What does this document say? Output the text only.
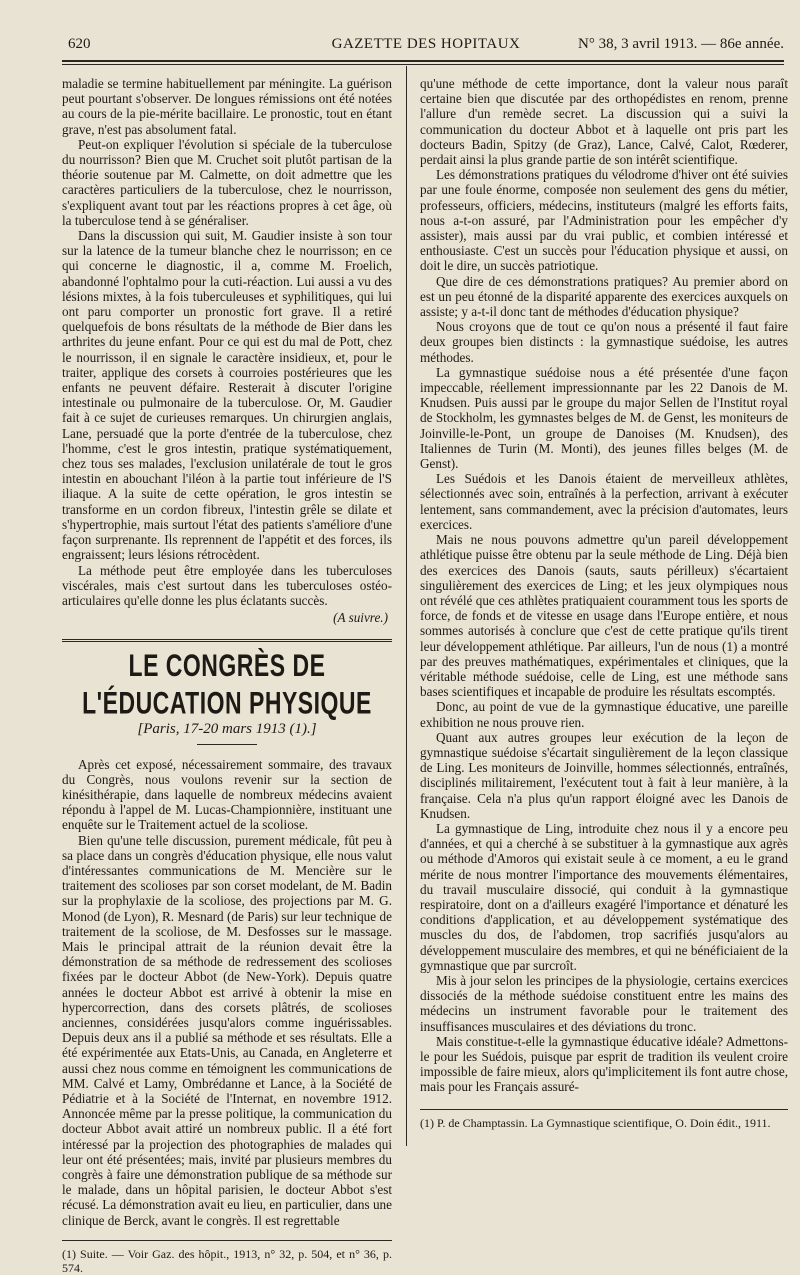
620	GAZETTE DES HOPITAUX	N° 38, 3 avril 1913. — 86e année.

maladie se termine habituellement par méningite. La guérison peut pourtant s'observer. De longues rémissions ont été notées au cours de la pie-mérite bacillaire. Le pronostic, tout en étant grave, n'est pas absolument fatal.

Peut-on expliquer l'évolution si spéciale de la tuberculose du nourrisson? Bien que M. Cruchet soit plutôt partisan de la théorie soutenue par M. Calmette, on doit admettre que les caractères particuliers de la tuberculose, chez le nourrisson, s'expliquent avant tout par les réactions propres à cet âge, où la tuberculose tend à se généraliser.

Dans la discussion qui suit, M. Gaudier insiste à son tour sur la latence de la tumeur blanche chez le nourrisson; en ce qui concerne le diagnostic, il a, comme M. Froelich, abandonné l'ophtalmo pour la cuti-réaction. Lui aussi a vu des lésions mixtes, à la fois tuberculeuses et syphilitiques, qui lui ont paru comporter un pronostic fort grave. Il a retiré quelquefois de bons résultats de la méthode de Bier dans les arthrites du jeune enfant. Pour ce qui est du mal de Pott, chez le nourrisson, il en signale le caractère insidieux, et, pour le traiter, applique des corsets à courroies postérieures que les enfants ne peuvent défaire. Resterait à discuter l'origine intestinale ou pulmonaire de la tuberculose. Or, M. Gaudier fait à ce sujet de curieuses remarques. Un chirurgien anglais, Lane, persuadé que la porte d'entrée de la tuberculose, chez l'homme, c'est le gros intestin, pratique systématiquement, chez tous ses malades, l'exclusion unilatérale de tout le gros intestin en abouchant l'iléon à la partie tout inférieure de l'S iliaque. A la suite de cette opération, le gros intestin se transforme en un cordon fibreux, l'intestin grêle se dilate et s'hypertrophie, mais surtout l'état des patients s'améliore d'une façon surprenante. Ils reprennent de l'appétit et des forces, ils engraissent; leurs lésions rétrocèdent.

La méthode peut être employée dans les tuberculoses viscérales, mais c'est surtout dans les tuberculoses ostéo-articulaires qu'elle donne les plus éclatants succès.

(A suivre.)
LE CONGRÈS DE L'ÉDUCATION PHYSIQUE
[Paris, 17-20 mars 1913 (1).]

Après cet exposé, nécessairement sommaire, des travaux du Congrès, nous voulons revenir sur la section de kinésithérapie, dans laquelle de nombreux médecins avaient répondu à l'appel de M. Lucas-Championnière, instituant une enquête sur le Traitement actuel de la scoliose.

Bien qu'une telle discussion, purement médicale, fût peu à sa place dans un congrès d'éducation physique, elle nous valut d'intéressantes communications de M. Mencière sur le traitement des scolioses par son corset modelant, de M. Badin sur la prophylaxie de la scoliose, des projections par M. G. Monod (de Lyon), R. Mesnard (de Paris) sur leur technique de traitement de la scoliose, de M. Desfosses sur le massage. Mais le principal attrait de la réunion devait être la démonstration de sa méthode de redressement des scolioses fixées par le docteur Abbot (de New-York). Depuis quatre années le docteur Abbot est arrivé à obtenir la mise en hypercorrection, dans des corsets plâtrés, de scolioses anciennes, considérées jusqu'alors comme inguérissables. Depuis deux ans il a publié sa méthode et ses résultats. Elle a été expérimentée aux Etats-Unis, au Canada, en Angleterre et aussi chez nous comme en témoignent les communications de MM. Calvé et Lamy, Ombrédanne et Lance, à la Société de Pédiatrie et à la Société de l'Internat, en novembre 1912. Annoncée même par la presse politique, la communication du docteur Abbot avait attiré un nombreux public. Il a été fort intéressé par la projection des photographies de malades qui leur ont été présentées; mais, invité par plusieurs membres du congrès à faire une démonstration publique de sa méthode sur le malade, dans un hôpital parisien, le docteur Abbot s'est récusé. La démonstration avait eu lieu, en particulier, dans une clinique de Berck, avant le congrès. Il est regrettable

(1) Suite. — Voir Gaz. des hôpit., 1913, n° 32, p. 504, et n° 36, p. 574.

qu'une méthode de cette importance, dont la valeur nous paraît certaine bien que discutée par des orthopédistes en renom, prenne l'allure d'un remède secret. La discussion qui a suivi la communication du docteur Abbot et à laquelle ont pris part les docteurs Badin, Spitzy (de Graz), Lance, Calvé, Calot, Rœderer, perdait ainsi la plus grande partie de son intérêt scientifique.

Les démonstrations pratiques du vélodrome d'hiver ont été suivies par une foule énorme, composée non seulement des gens du métier, professeurs, officiers, médecins, instituteurs (malgré les efforts faits, nous a-t-on assuré, par l'Administration pour les empêcher d'y assister), mais aussi par du vrai public, et combien intéressé et enthousiaste. C'est un succès pour l'éducation physique et aussi, on doit le dire, un succès patriotique.

Que dire de ces démonstrations pratiques? Au premier abord on est un peu étonné de la disparité apparente des exercices auxquels on assiste; y a-t-il donc tant de méthodes d'éducation physique?

Nous croyons que de tout ce qu'on nous a présenté il faut faire deux groupes bien distincts : la gymnastique suédoise, les autres méthodes.

La gymnastique suédoise nous a été présentée d'une façon impeccable, réellement impressionnante par les 22 Danois de M. Knudsen. Puis aussi par le groupe du major Sellen de l'Institut royal de Stockholm, les gymnastes belges de M. de Genst, les moniteurs de Joinville-le-Pont, un groupe de Danoises (M. Knudsen), des Italiennes de Turin (M. Monti), des jeunes filles belges (M. de Genst).

Les Suédois et les Danois étaient de merveilleux athlètes, sélectionnés avec soin, entraînés à la perfection, arrivant à exécuter lentement, sans commandement, avec la précision d'automates, leurs exercices.

Mais ne nous pouvons admettre qu'un pareil développement athlétique puisse être obtenu par la seule méthode de Ling. Déjà bien des exercices des Danois (sauts, sauts périlleux) s'écartaient singulièrement des exercices de Ling; et les jeux olympiques nous ont révélé que ces athlètes pratiquaient couramment tous les sports de force, de fonds et de vitesse en usage dans l'Europe entière, et nous sommes autorisés à conclure que c'est de cette pratique qu'ils tirent leur développement athlétique. Par ailleurs, l'un de nous (1) a montré par des preuves mathématiques, expérimentales et cliniques, que la véritable méthode suédoise, celle de Ling, est une méthode sans bases scientifiques et incapable de produire les résultats escomptés.

Donc, au point de vue de la gymnastique éducative, une pareille exhibition ne nous prouve rien.

Quant aux autres groupes leur exécution de la leçon de gymnastique suédoise s'écartait singulièrement de la leçon classique de Ling. Les moniteurs de Joinville, hommes sélectionnés, entraînés, disciplinés militairement, l'exécutent tout à fait à leur manière, à la française. Cela n'a plus qu'un rapport éloigné avec les Danois de Knudsen.

La gymnastique de Ling, introduite chez nous il y a encore peu d'années, et qui a cherché à se substituer à la gymnastique aux agrès ou méthode d'Amoros qui existait seule à ce moment, a eu le grand mérite de nous montrer l'importance des mouvements élémentaires, du travail musculaire dissocié, qui conduit à la gymnastique respiratoire, dont on a d'ailleurs exagéré l'importance et dénaturé les conditions d'application, et au développement systématique des muscles du dos, de l'abdomen, trop sacrifiés jusqu'alors au développement musculaire des membres, et qui ne bénéficiaient de la gymnastique que par surcroît.

Mis à jour selon les principes de la physiologie, certains exercices dissociés de la méthode suédoise constituent entre les mains des médecins un instrument favorable pour le traitement des insuffisances musculaires et des déviations du tronc.

Mais constitue-t-elle la gymnastique éducative idéale? Admettons-le pour les Suédois, puisque par esprit de tradition ils veulent croire impossible de faire mieux, alors qu'implicitement ils font autre chose, mais pour les Français assuré-

(1) P. de Champtassin. La Gymnastique scientifique, O. Doin édit., 1911.
